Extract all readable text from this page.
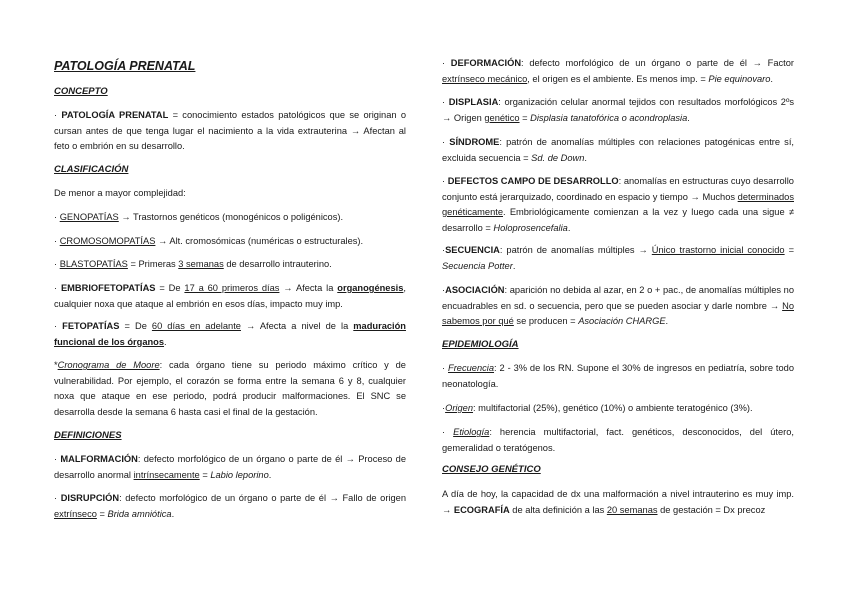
PATOLOGÍA PRENATAL
CONCEPTO

· PATOLOGÍA PRENATAL = conocimiento estados patológicos que se originan o cursan antes de que tenga lugar el nacimiento a la vida extrauterina → Afectan al feto o embrión en su desarrollo.

CLASIFICACIÓN

De menor a mayor complejidad:

· GENOPATÍAS → Trastornos genéticos (monogénicos o poligénicos).

· CROMOSOMOPATÍAS → Alt. cromosómicas (numéricas o estructurales).

· BLASTOPATÍAS = Primeras 3 semanas de desarrollo intrauterino.

· EMBRIOFETOPATÍAS = De 17 a 60 primeros días → Afecta la organogénesis, cualquier noxa que ataque al embrión en esos días, impacto muy imp.

· FETOPATÍAS = De 60 días en adelante → Afecta a nivel de la maduración funcional de los órganos.

*Cronograma de Moore: cada órgano tiene su periodo máximo crítico y de vulnerabilidad. Por ejemplo, el corazón se forma entre la semana 6 y 8, cualquier noxa que ataque en ese periodo, podrá producir malformaciones. El SNC se desarrolla desde la semana 6 hasta casi el final de la gestación.

DEFINICIONES

· MALFORMACIÓN: defecto morfológico de un órgano o parte de él → Proceso de desarrollo anormal intrínsecamente = Labio leporino.

· DISRUPCIÓN: defecto morfológico de un órgano o parte de él → Fallo de origen extrínseco = Brida amniótica.

· DEFORMACIÓN: defecto morfológico de un órgano o parte de él → Factor extrínseco mecánico, el origen es el ambiente. Es menos imp. = Pie equinovaro.

· DISPLASIA: organización celular anormal tejidos con resultados morfológicos 2ºs → Origen genético = Displasia tanatofórica o acondroplasia.

· SÍNDROME: patrón de anomalías múltiples con relaciones patogénicas entre sí, excluida secuencia = Sd. de Down.

· DEFECTOS CAMPO DE DESARROLLO: anomalías en estructuras cuyo desarrollo conjunto está jerarquizado, coordinado en espacio y tiempo → Muchos determinados genéticamente. Embriológicamente comienzan a la vez y luego cada una sigue ≠ desarrollo = Holoprosencefalia.

·SECUENCIA: patrón de anomalías múltiples → Único trastorno inicial conocido = Secuencia Potter.

·ASOCIACIÓN: aparición no debida al azar, en 2 o + pac., de anomalías múltiples no encuadrables en sd. o secuencia, pero que se pueden asociar y darle nombre → No sabemos por qué se producen = Asociación CHARGE.

EPIDEMIOLOGÍA

· Frecuencia: 2 - 3% de los RN. Supone el 30% de ingresos en pediatría, sobre todo neonatología.

·Origen: multifactorial (25%), genético (10%) o ambiente teratogénico (3%).

· Etiología: herencia multifactorial, fact. genéticos, desconocidos, del útero, gemeralidad o teratógenos.

CONSEJO GENÉTICO

A día de hoy, la capacidad de dx una malformación a nivel intrauterino es muy imp. → ECOGRAFÍA de alta definición a las 20 semanas de gestación = Dx precoz
